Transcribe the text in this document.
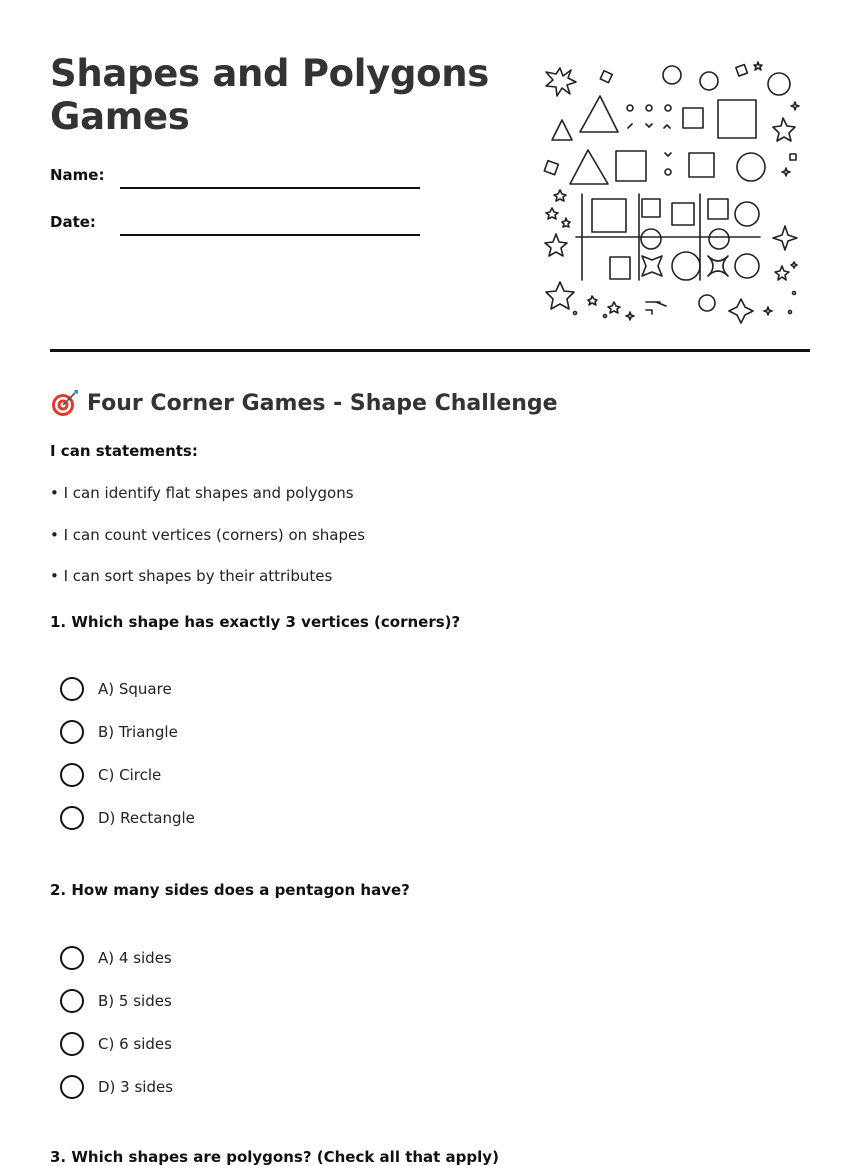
Shapes and Polygons
Games
Name:
Date:
Four Corner Games - Shape Challenge
I can statements:
• I can identify flat shapes and polygons
• I can count vertices (corners) on shapes
• I can sort shapes by their attributes
1. Which shape has exactly 3 vertices (corners)?
A) Square
B) Triangle
C) Circle
D) Rectangle
2. How many sides does a pentagon have?
A) 4 sides
B) 5 sides
C) 6 sides
D) 3 sides
3. Which shapes are polygons? (Check all that apply)
